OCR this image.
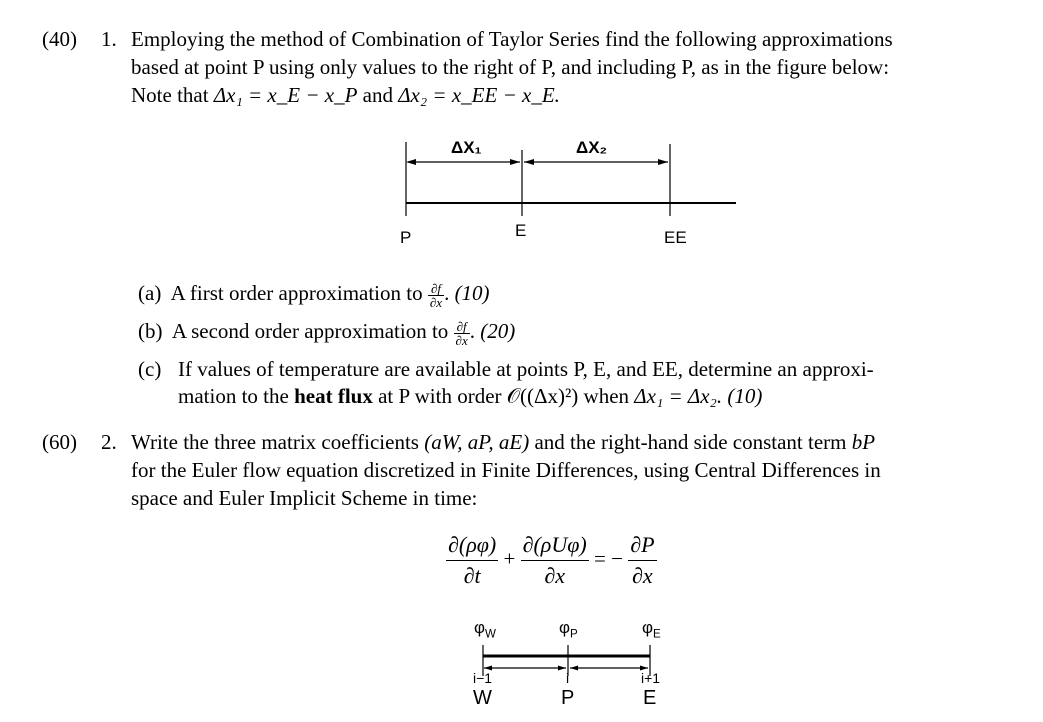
(40) 1. Employing the method of Combination of Taylor Series find the following approximations
based at point P using only values to the right of P, and including P, as in the figure below:
Note that Δx₁ = x_E − x_P and Δx₂ = x_EE − x_E.
ΔX₁	ΔX₂
P	E	EE
(a) A first order approximation to $\frac{\partial f}{\partial x}$ . (10)
(b) A second order approximation to $\frac{\partial f}{\partial x}$ . (20)
(c) If values of temperature are available at points P, E, and EE, determine an approxi-
mation to the heat flux at P with order 𝒪((Δx)²) when Δx₁ = Δx₂. (10)
(60) 2. Write the three matrix coefficients (aW, aP, aE) and the right-hand side constant term bP
for the Euler flow equation discretized in Finite Differences, using Central Differences in
space and Euler Implicit Scheme in time:
$\frac{\partial(\rho\varphi)}{\partial t} + \frac{\text{∂(ρUφ)}}{\partial x}$ = − $\frac{\partial P}{\partial x}$
$\varphi_W$	$\varphi_P$	$\varphi_E$
i−1	i	i+1
W	P	E
